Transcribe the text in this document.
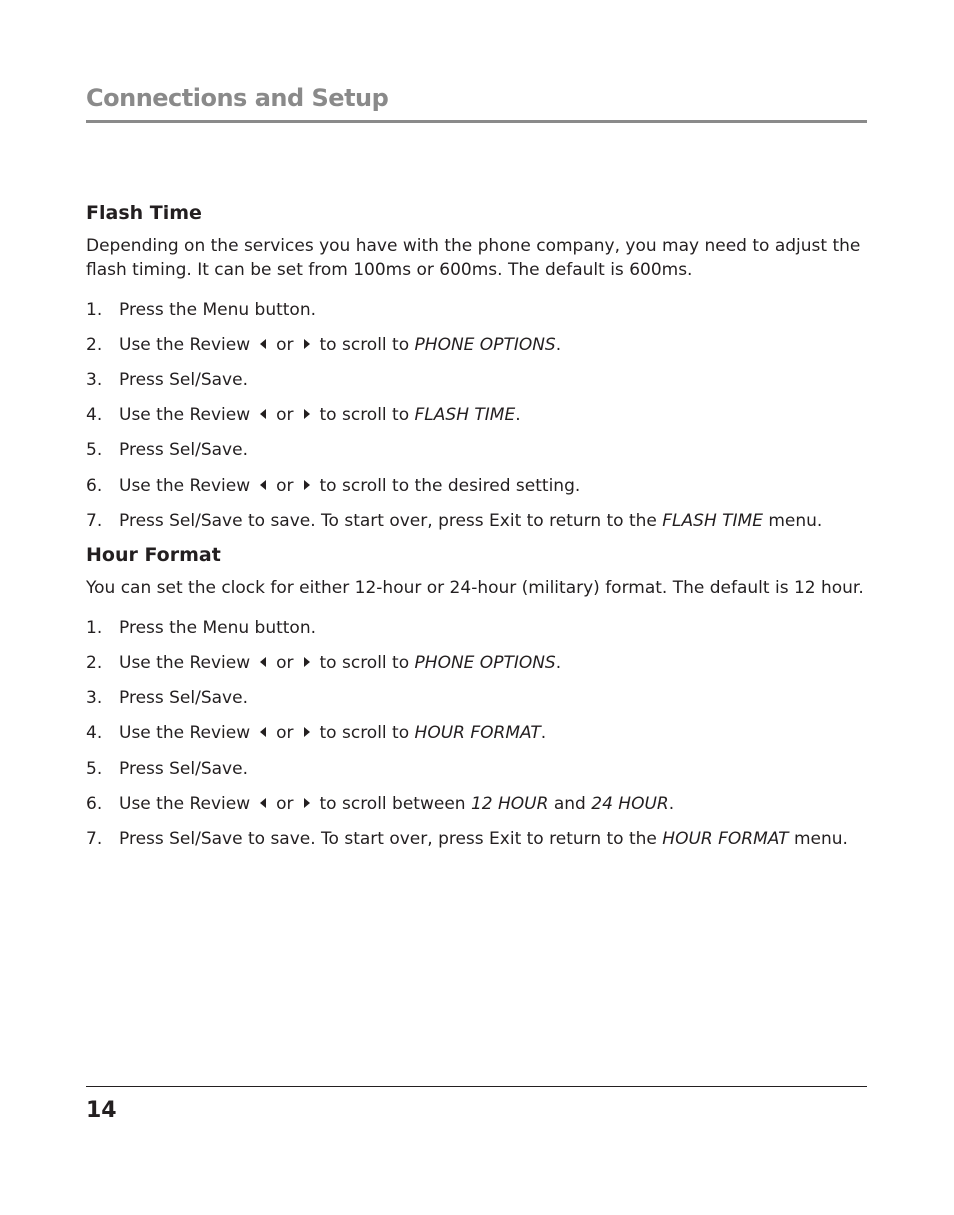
Connections and Setup
Flash Time

Depending on the services you have with the phone company, you may need to adjust the flash timing. It can be set from 100ms or 600ms. The default is 600ms.

1. Press the Menu button.
2. Use the Review or to scroll to PHONE OPTIONS.
3. Press Sel/Save.
4. Use the Review or to scroll to FLASH TIME.
5. Press Sel/Save.
6. Use the Review or to scroll to the desired setting.
7. Press Sel/Save to save. To start over, press Exit to return to the FLASH TIME menu.
Hour Format

You can set the clock for either 12-hour or 24-hour (military) format. The default is 12 hour.

1. Press the Menu button.
2. Use the Review or to scroll to PHONE OPTIONS.
3. Press Sel/Save.
4. Use the Review or to scroll to HOUR FORMAT.
5. Press Sel/Save.
6. Use the Review or to scroll between 12 HOUR and 24 HOUR.
7. Press Sel/Save to save. To start over, press Exit to return to the HOUR FORMAT menu.
14
